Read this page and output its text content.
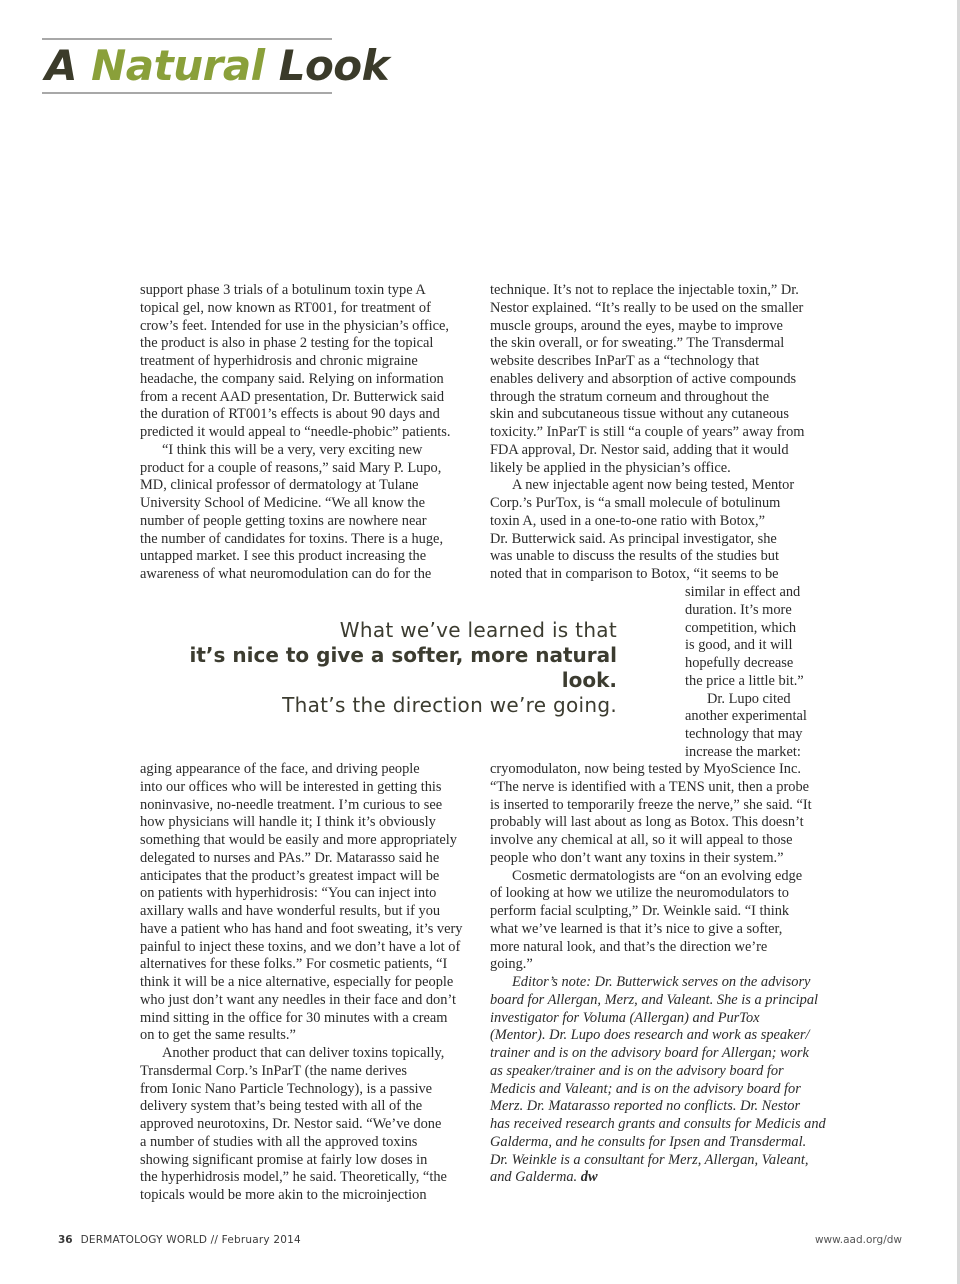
A Natural Look

support phase 3 trials of a botulinum toxin type A

topical gel, now known as RT001, for treatment of

crow’s feet. Intended for use in the physician’s office,

the product is also in phase 2 testing for the topical

treatment of hyperhidrosis and chronic migraine

headache, the company said. Relying on information

from a recent AAD presentation, Dr. Butterwick said

the duration of RT001’s effects is about 90 days and

predicted it would appeal to “needle-phobic” patients.

“I think this will be a very, very exciting new

product for a couple of reasons,” said Mary P. Lupo,

MD, clinical professor of dermatology at Tulane

University School of Medicine. “We all know the

number of people getting toxins are nowhere near

the number of candidates for toxins. There is a huge,

untapped market. I see this product increasing the

awareness of what neuromodulation can do for the

technique. It’s not to replace the injectable toxin,” Dr.

Nestor explained. “It’s really to be used on the smaller

muscle groups, around the eyes, maybe to improve

the skin overall, or for sweating.” The Transdermal

website describes InParT as a “technology that

enables delivery and absorption of active compounds

through the stratum corneum and throughout the

skin and subcutaneous tissue without any cutaneous

toxicity.” InParT is still “a couple of years” away from

FDA approval, Dr. Nestor said, adding that it would

likely be applied in the physician’s office.

A new injectable agent now being tested, Mentor

Corp.’s PurTox, is “a small molecule of botulinum

toxin A, used in a one-to-one ratio with Botox,”

Dr. Butterwick said. As principal investigator, she

was unable to discuss the results of the studies but

noted that in comparison to Botox, “it seems to be

similar in effect and

duration. It’s more

competition, which

is good, and it will

hopefully decrease

the price a little bit.”

Dr. Lupo cited

another experimental

technology that may

increase the market:

What we’ve learned is that
it’s nice to give a softer, more natural look.
That’s the direction we’re going.

aging appearance of the face, and driving people

into our offices who will be interested in getting this

noninvasive, no-needle treatment. I’m curious to see

how physicians will handle it; I think it’s obviously

something that would be easily and more appropriately

delegated to nurses and PAs.” Dr. Matarasso said he

anticipates that the product’s greatest impact will be

on patients with hyperhidrosis: “You can inject into

axillary walls and have wonderful results, but if you

have a patient who has hand and foot sweating, it’s very

painful to inject these toxins, and we don’t have a lot of

alternatives for these folks.” For cosmetic patients, “I

think it will be a nice alternative, especially for people

who just don’t want any needles in their face and don’t

mind sitting in the office for 30 minutes with a cream

on to get the same results.”

Another product that can deliver toxins topically,

Transdermal Corp.’s InParT (the name derives

from Ionic Nano Particle Technology), is a passive

delivery system that’s being tested with all of the

approved neurotoxins, Dr. Nestor said. “We’ve done

a number of studies with all the approved toxins

showing significant promise at fairly low doses in

the hyperhidrosis model,” he said. Theoretically, “the

topicals would be more akin to the microinjection

cryomodulaton, now being tested by MyoScience Inc.

“The nerve is identified with a TENS unit, then a probe

is inserted to temporarily freeze the nerve,” she said. “It

probably will last about as long as Botox. This doesn’t

involve any chemical at all, so it will appeal to those

people who don’t want any toxins in their system.”

Cosmetic dermatologists are “on an evolving edge

of looking at how we utilize the neuromodulators to

perform facial sculpting,” Dr. Weinkle said. “I think

what we’ve learned is that it’s nice to give a softer,

more natural look, and that’s the direction we’re

going.”

Editor’s note: Dr. Butterwick serves on the advisory

board for Allergan, Merz, and Valeant. She is a principal

investigator for Voluma (Allergan) and PurTox

(Mentor). Dr. Lupo does research and work as speaker/

trainer and is on the advisory board for Allergan; work

as speaker/trainer and is on the advisory board for

Medicis and Valeant; and is on the advisory board for

Merz. Dr. Matarasso reported no conflicts. Dr. Nestor

has received research grants and consults for Medicis and

Galderma, and he consults for Ipsen and Transdermal.

Dr. Weinkle is a consultant for Merz, Allergan, Valeant,

and Galderma. dw

36 DERMATOLOGY WORLD // February 2014	www.aad.org/dw
